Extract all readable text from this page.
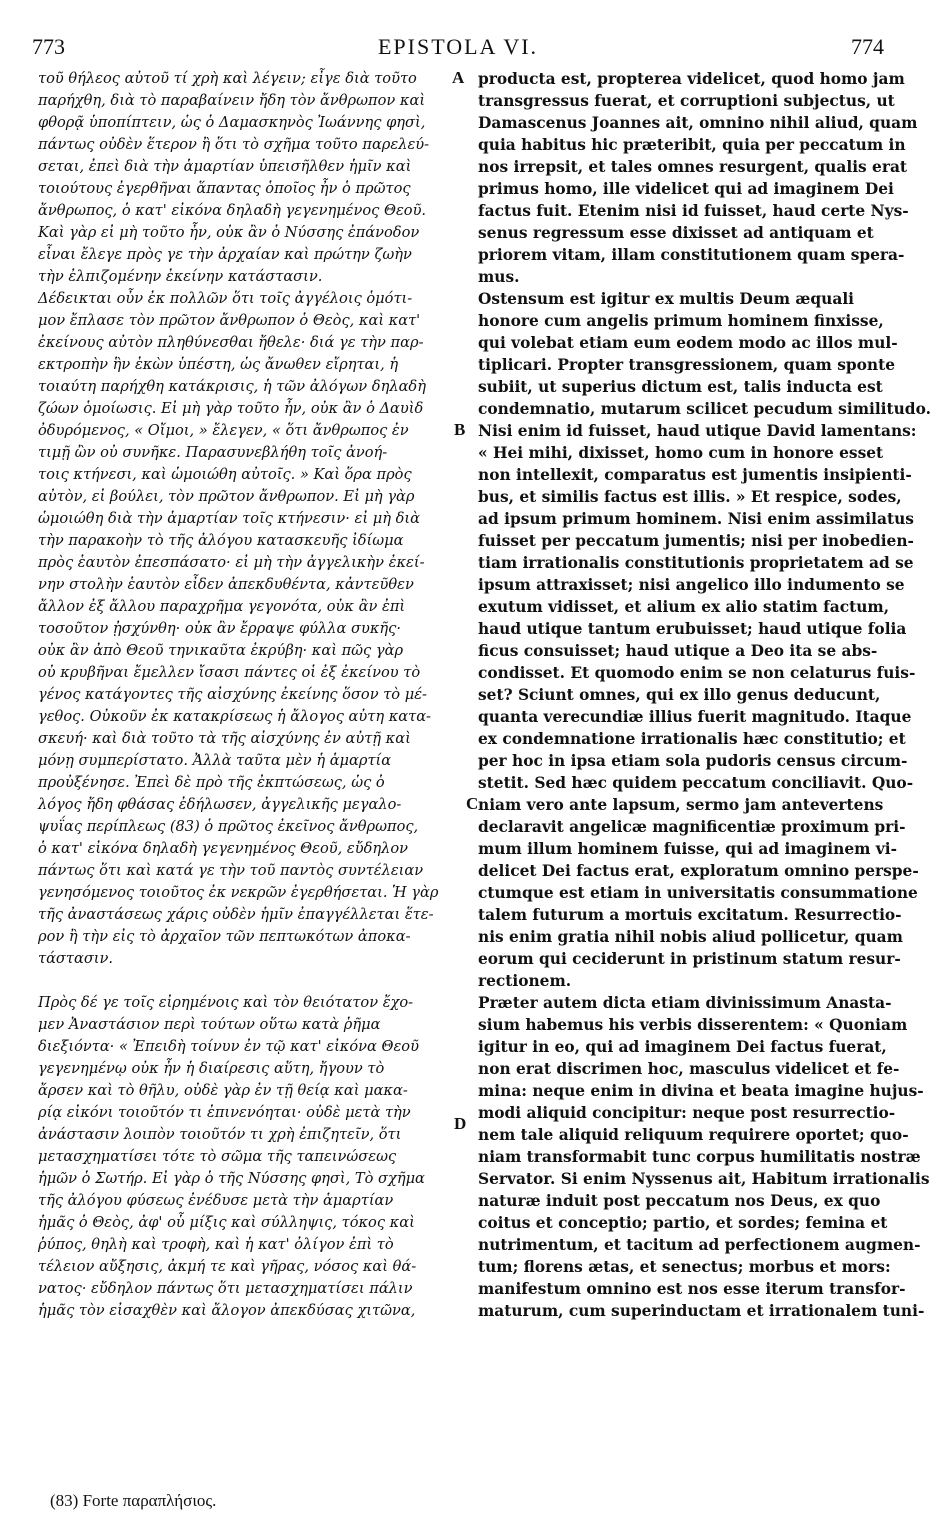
773	EPISTOLA VI.	774
τοῦ θήλεος αὐτοῦ τί χρὴ καὶ λέγειν; εἶγε διὰ τοῦτο
παρήχθη, διὰ τὸ παραβαίνειν ἤδη τὸν ἄνθρωπον καὶ
φθορᾷ ὑποπίπτειν, ὡς ὁ Δαμασκηνὸς Ἰωάννης φησὶ,
πάντως οὐδὲν ἕτερον ἢ ὅτι τὸ σχῆμα τοῦτο παρελεύ-
σεται, ἐπεὶ διὰ τὴν ἁμαρτίαν ὑπεισῆλθεν ἡμῖν καὶ
τοιούτους ἐγερθῆναι ἅπαντας ὁποῖος ἦν ὁ πρῶτος
ἄνθρωπος, ὁ κατ' εἰκόνα δηλαδὴ γεγενημένος Θεοῦ.
Καὶ γὰρ εἰ μὴ τοῦτο ἦν, οὐκ ἂν ὁ Νύσσης ἐπάνοδον
εἶναι ἔλεγε πρὸς γε τὴν ἀρχαίαν καὶ πρώτην ζωὴν
τὴν ἐλπιζομένην ἐκείνην κατάστασιν.
Δέδεικται οὖν ἐκ πολλῶν ὅτι τοῖς ἀγγέλοις ὁμότι-
μον ἔπλασε τὸν πρῶτον ἄνθρωπον ὁ Θεὸς, καὶ κατ'
ἐκείνους αὐτὸν πληθύνεσθαι ἤθελε· διά γε τὴν παρ-
εκτροπὴν ἣν ἑκὼν ὑπέστη, ὡς ἄνωθεν εἴρηται, ἡ
τοιαύτη παρήχθη κατάκρισις, ἡ τῶν ἀλόγων δηλαδὴ
ζώων ὁμοίωσις. Εἰ μὴ γὰρ τοῦτο ἦν, οὐκ ἂν ὁ Δαυὶδ
ὀδυρόμενος, « Οἴμοι, » ἔλεγεν, « ὅτι ἄνθρωπος ἐν
τιμῇ ὢν οὐ συνῆκε. Παρασυνεβλήθη τοῖς ἀνοή-
τοις κτήνεσι, καὶ ὡμοιώθη αὐτοῖς. » Καὶ ὅρα πρὸς
αὐτὸν, εἰ βούλει, τὸν πρῶτον ἄνθρωπον. Εἰ μὴ γὰρ
ὡμοιώθη διὰ τὴν ἁμαρτίαν τοῖς κτήνεσιν· εἰ μὴ διὰ
τὴν παρακοὴν τὸ τῆς ἀλόγου κατασκευῆς ἰδίωμα
πρὸς ἑαυτὸν ἐπεσπάσατο· εἰ μὴ τὴν ἀγγελικὴν ἐκεί-
νην στολὴν ἑαυτὸν εἶδεν ἀπεκδυθέντα, κἀντεῦθεν
ἄλλον ἐξ ἄλλου παραχρῆμα γεγονότα, οὐκ ἂν ἐπὶ
τοσοῦτον ᾐσχύνθη· οὐκ ἂν ἔρραψε φύλλα συκῆς·
οὐκ ἂν ἀπὸ Θεοῦ τηνικαῦτα ἐκρύβη· καὶ πῶς γὰρ
οὐ κρυβῆναι ἔμελλεν ἴσασι πάντες οἱ ἐξ ἐκείνου τὸ
γένος κατάγοντες τῆς αἰσχύνης ἐκείνης ὅσον τὸ μέ-
γεθος. Οὐκοῦν ἐκ κατακρίσεως ἡ ἄλογος αὐτη κατα-
σκευή· καὶ διὰ τοῦτο τὰ τῆς αἰσχύνης ἐν αὐτῇ καὶ
μόνῃ συμπερίστατο. Ἀλλὰ ταῦτα μὲν ἡ ἁμαρτία
προὐξένησε. Ἐπεὶ δὲ πρὸ τῆς ἐκπτώσεως, ὡς ὁ
λόγος ἤδη φθάσας ἐδήλωσεν, ἀγγελικῆς μεγαλο-
ψυΐας περίπλεως (83) ὁ πρῶτος ἐκεῖνος ἄνθρωπος,
ὁ κατ' εἰκόνα δηλαδὴ γεγενημένος Θεοῦ, εὔδηλον
πάντως ὅτι καὶ κατά γε τὴν τοῦ παντὸς συντέλειαν
γενησόμενος τοιοῦτος ἐκ νεκρῶν ἐγερθήσεται. Ἡ γὰρ
τῆς ἀναστάσεως χάρις οὐδὲν ἡμῖν ἐπαγγέλλεται ἕτε-
ρον ἢ τὴν εἰς τὸ ἀρχαῖον τῶν πεπτωκότων ἀποκα-
τάστασιν.
Πρὸς δέ γε τοῖς εἰρημένοις καὶ τὸν θειότατον ἔχο-
μεν Ἀναστάσιον περὶ τούτων οὕτω κατὰ ῥῆμα
διεξιόντα· « Ἐπειδὴ τοίνυν ἐν τῷ κατ' εἰκόνα Θεοῦ
γεγενημένῳ οὐκ ἦν ἡ διαίρεσις αὕτη, ἤγουν τὸ
ἄρσεν καὶ τὸ θῆλυ, οὐδὲ γὰρ ἐν τῇ θείᾳ καὶ μακα-
ρίᾳ εἰκόνι τοιοῦτόν τι ἐπινενόηται· οὐδὲ μετὰ τὴν
ἀνάστασιν λοιπὸν τοιοῦτόν τι χρὴ ἐπιζητεῖν, ὅτι
μετασχηματίσει τότε τὸ σῶμα τῆς ταπεινώσεως
ἡμῶν ὁ Σωτήρ. Εἰ γὰρ ὁ τῆς Νύσσης φησὶ, Τὸ σχῆμα
τῆς ἀλόγου φύσεως ἐνέδυσε μετὰ τὴν ἁμαρτίαν
ἡμᾶς ὁ Θεὸς, ἀφ' οὗ μίξις καὶ σύλληψις, τόκος καὶ
ῥύπος, θηλὴ καὶ τροφὴ, καὶ ἡ κατ' ὀλίγον ἐπὶ τὸ
τέλειον αὔξησις, ἀκμή τε καὶ γῆρας, νόσος καὶ θά-
νατος· εὔδηλον πάντως ὅτι μετασχηματίσει πάλιν
ἡμᾶς τὸν εἰσαχθὲν καὶ ἄλογον ἀπεκδύσας χιτῶνα,
producta est, propterea videlicet, quod homo jam
transgressus fuerat, et corruptioni subjectus, ut
Damascenus Joannes ait, omnino nihil aliud, quam
quia habitus hic præteribit, quia per peccatum in
nos irrepsit, et tales omnes resurgent, qualis erat
primus homo, ille videlicet qui ad imaginem Dei
factus fuit. Etenim nisi id fuisset, haud certe Nys-
senus regressum esse dixisset ad antiquam et
priorem vitam, illam constitutionem quam spera-
mus.
Ostensum est igitur ex multis Deum æquali
honore cum angelis primum hominem finxisse,
qui volebat etiam eum eodem modo ac illos mul-
tiplicari. Propter transgressionem, quam sponte
subiit, ut superius dictum est, talis inducta est
condemnatio, mutarum scilicet pecudum similitudo.
Nisi enim id fuisset, haud utique David lamentans:
« Hei mihi, dixisset, homo cum in honore esset
non intellexit, comparatus est jumentis insipienti-
bus, et similis factus est illis. » Et respice, sodes,
ad ipsum primum hominem. Nisi enim assimilatus
fuisset per peccatum jumentis; nisi per inobedien-
tiam irrationalis constitutionis proprietatem ad se
ipsum attraxisset; nisi angelico illo indumento se
exutum vidisset, et alium ex alio statim factum,
haud utique tantum erubuisset; haud utique folia
ficus consuisset; haud utique a Deo ita se abs-
condisset. Et quomodo enim se non celaturus fuis-
set? Sciunt omnes, qui ex illo genus deducunt,
quanta verecundiæ illius fuerit magnitudo. Itaque
ex condemnatione irrationalis hæc constitutio; et
per hoc in ipsa etiam sola pudoris census circum-
stetit. Sed hæc quidem peccatum conciliavit. Quo-
niam vero ante lapsum, sermo jam antevertens
declaravit angelicæ magnificentiæ proximum pri-
mum illum hominem fuisse, qui ad imaginem vi-
delicet Dei factus erat, exploratum omnino perspe-
ctumque est etiam in universitatis consummatione
talem futurum a mortuis excitatum. Resurrectio-
nis enim gratia nihil nobis aliud pollicetur, quam
eorum qui ceciderunt in pristinum statum resur-
rectionem.
Præter autem dicta etiam divinissimum Anasta-
sium habemus his verbis disserentem: « Quoniam
igitur in eo, qui ad imaginem Dei factus fuerat,
non erat discrimen hoc, masculus videlicet et fe-
mina: neque enim in divina et beata imagine hujus-
modi aliquid concipitur: neque post resurrectio-
nem tale aliquid reliquum requirere oportet; quo-
niam transformabit tunc corpus humilitatis nostræ
Servator. Si enim Nyssenus ait, Habitum irrationalis
naturæ induit post peccatum nos Deus, ex quo
coitus et conceptio; partio, et sordes; femina et
nutrimentum, et tacitum ad perfectionem augmen-
tum; florens ætas, et senectus; morbus et mors:
manifestum omnino est nos esse iterum transfor-
maturum, cum superinductam et irrationalem tuni-
A
B
C
D
(83) Forte παραπλήσιος.
